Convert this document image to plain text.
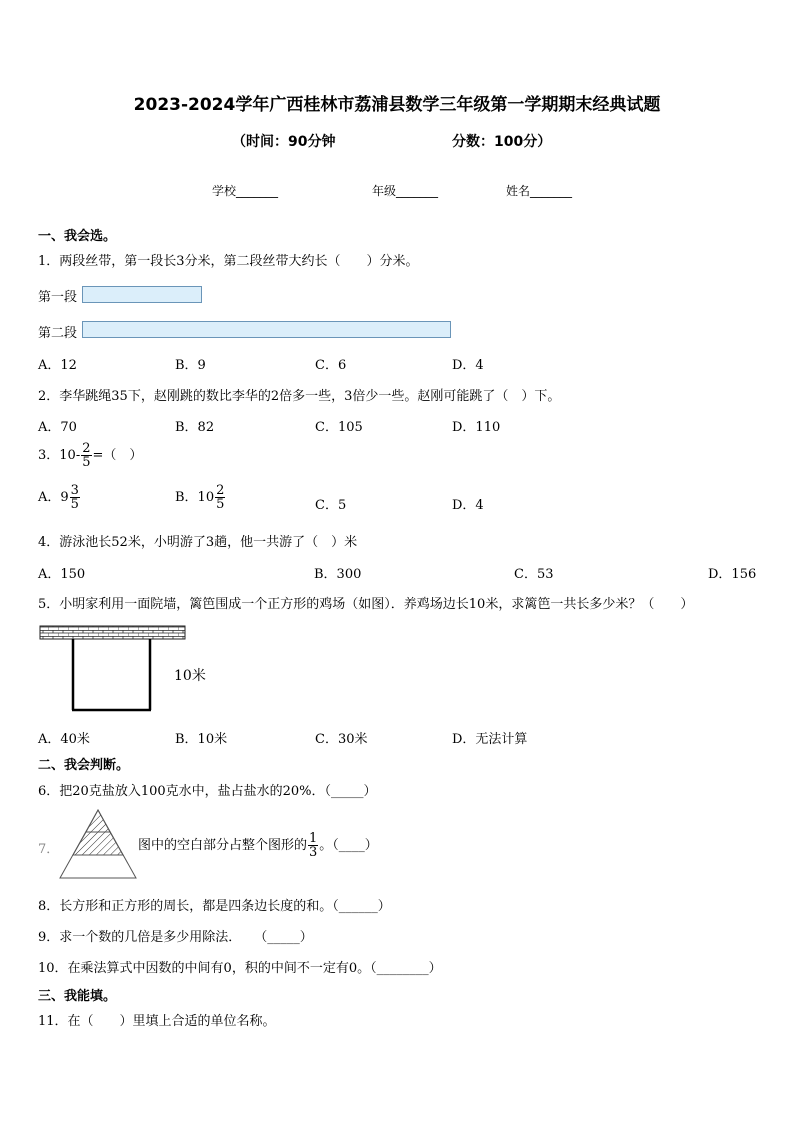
2023-2024学年广西桂林市荔浦县数学三年级第一学期期末经典试题
（时间：90分钟	分数：100分）
学校_______	年级_______	姓名_______
一、我会选。
1．两段丝带，第一段长3分米，第二段丝带大约长（　　）分米。
第一段
第二段
A．12	B．9	C．6	D．4
2．李华跳绳35下，赵刚跳的数比李华的2倍多一些，3倍少一些。赵刚可能跳了（　）下。
A．70	B．82	C．105	D．110
3．$10- \frac{2}{5}$ =（　）
A．$9 \frac{3}{5}$	B．$10 \frac{2}{5}$	C．5	D．4
4．游泳池长52米，小明游了3趟，他一共游了（　）米
A．150	B．300	C．53	D．156
5．小明家利用一面院墙，篱笆围成一个正方形的鸡场（如图）．养鸡场边长10米，求篱笆一共长多少米？（　　）
10米
A．40米	B．10米	C．30米	D．无法计算
二、我会判断。
6．把20克盐放入100克水中，盐占盐水的20%．（_____）
7．	图中的空白部分占整个图形的 $\frac{1}{3}$ 。（____）
8．长方形和正方形的周长，都是四条边长度的和。（______）
9．求一个数的几倍是多少用除法．　　（_____）
10．在乘法算式中因数的中间有0，积的中间不一定有0。（________）
三、我能填。
11．在（　　）里填上合适的单位名称。
